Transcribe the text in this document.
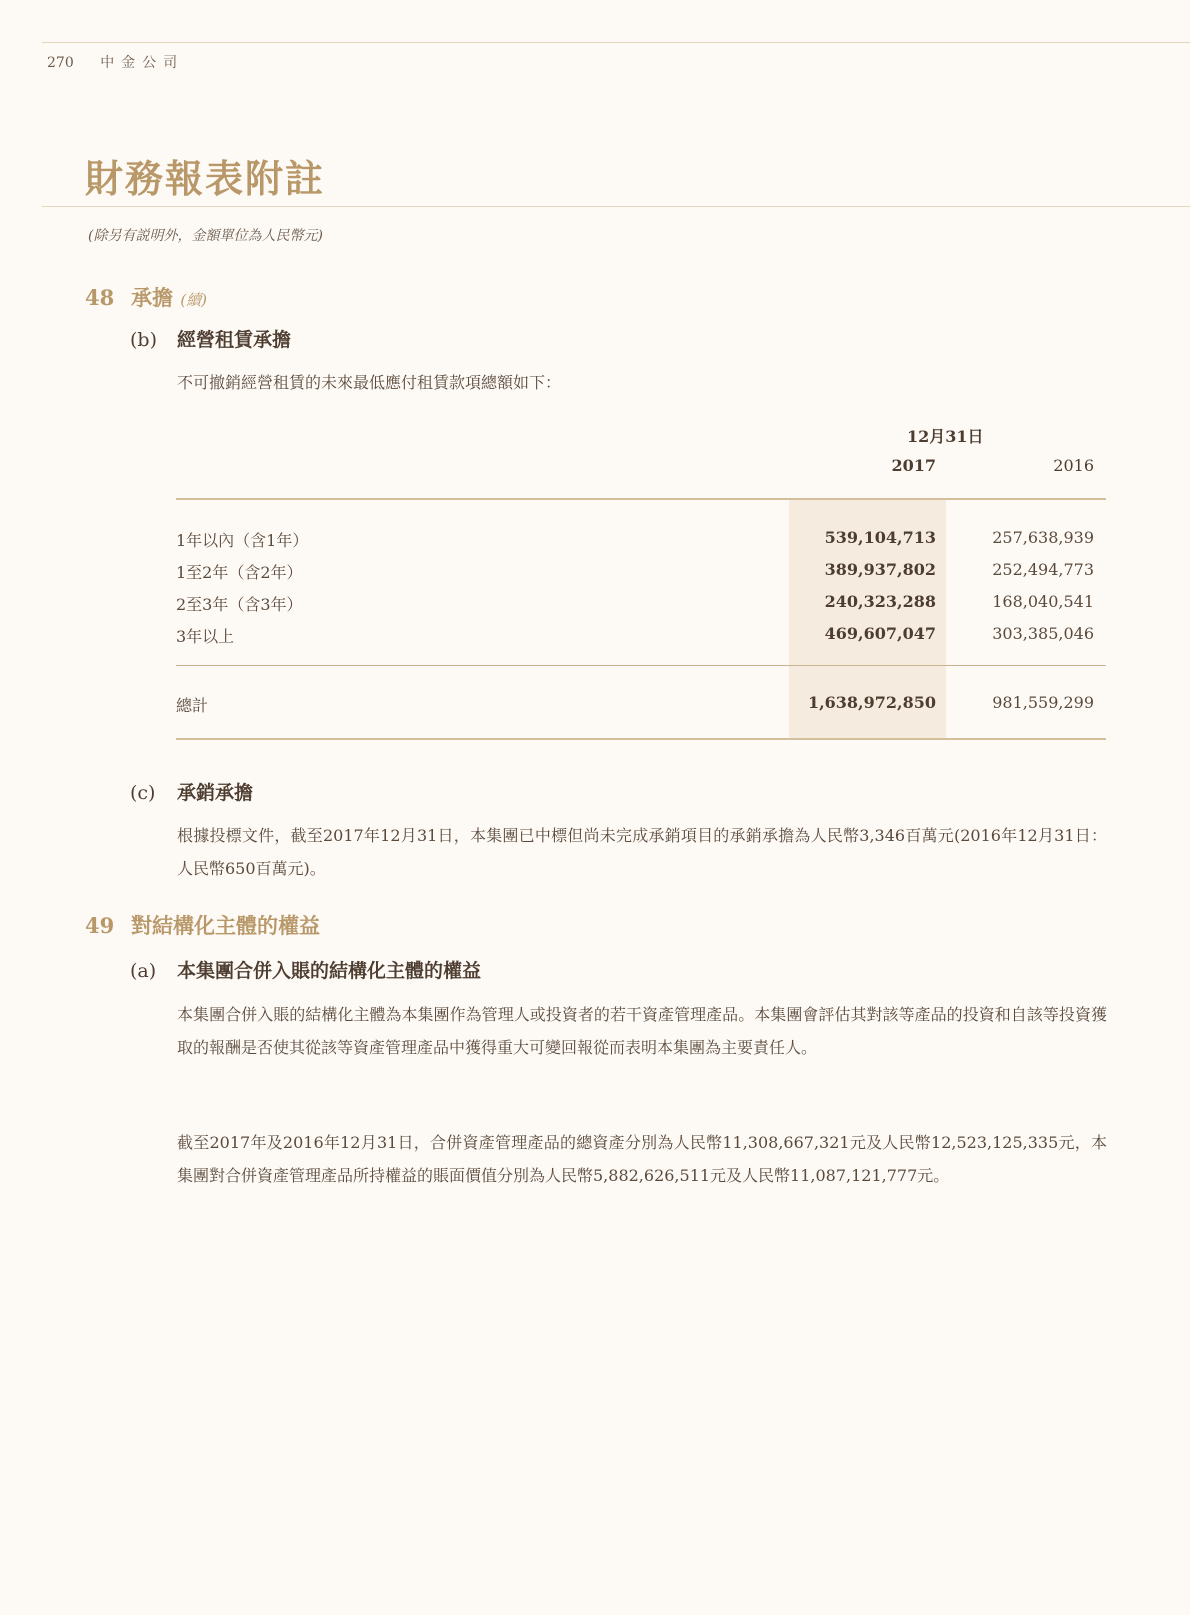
270 中金公司
財務報表附註
(除另有説明外，金額單位為人民幣元)
48 承擔 (續)
(b) 經營租賃承擔
不可撤銷經營租賃的未來最低應付租賃款項總額如下：
12月31日
2017	2016
1年以內（含1年）	539,104,713	257,638,939
1至2年（含2年）	389,937,802	252,494,773
2至3年（含3年）	240,323,288	168,040,541
3年以上	469,607,047	303,385,046
總計	1,638,972,850	981,559,299
(c) 承銷承擔
根據投標文件，截至2017年12月31日，本集團已中標但尚未完成承銷項目的承銷承擔為人民幣3,346百萬元(2016年12月31日：人民幣650百萬元)。
49 對結構化主體的權益
(a) 本集團合併入賬的結構化主體的權益
本集團合併入賬的結構化主體為本集團作為管理人或投資者的若干資產管理產品。本集團會評估其對該等產品的投資和自該等投資獲取的報酬是否使其從該等資產管理產品中獲得重大可變回報從而表明本集團為主要責任人。
截至2017年及2016年12月31日，合併資產管理產品的總資產分別為人民幣11,308,667,321元及人民幣12,523,125,335元，本集團對合併資產管理產品所持權益的賬面價值分別為人民幣5,882,626,511元及人民幣11,087,121,777元。
